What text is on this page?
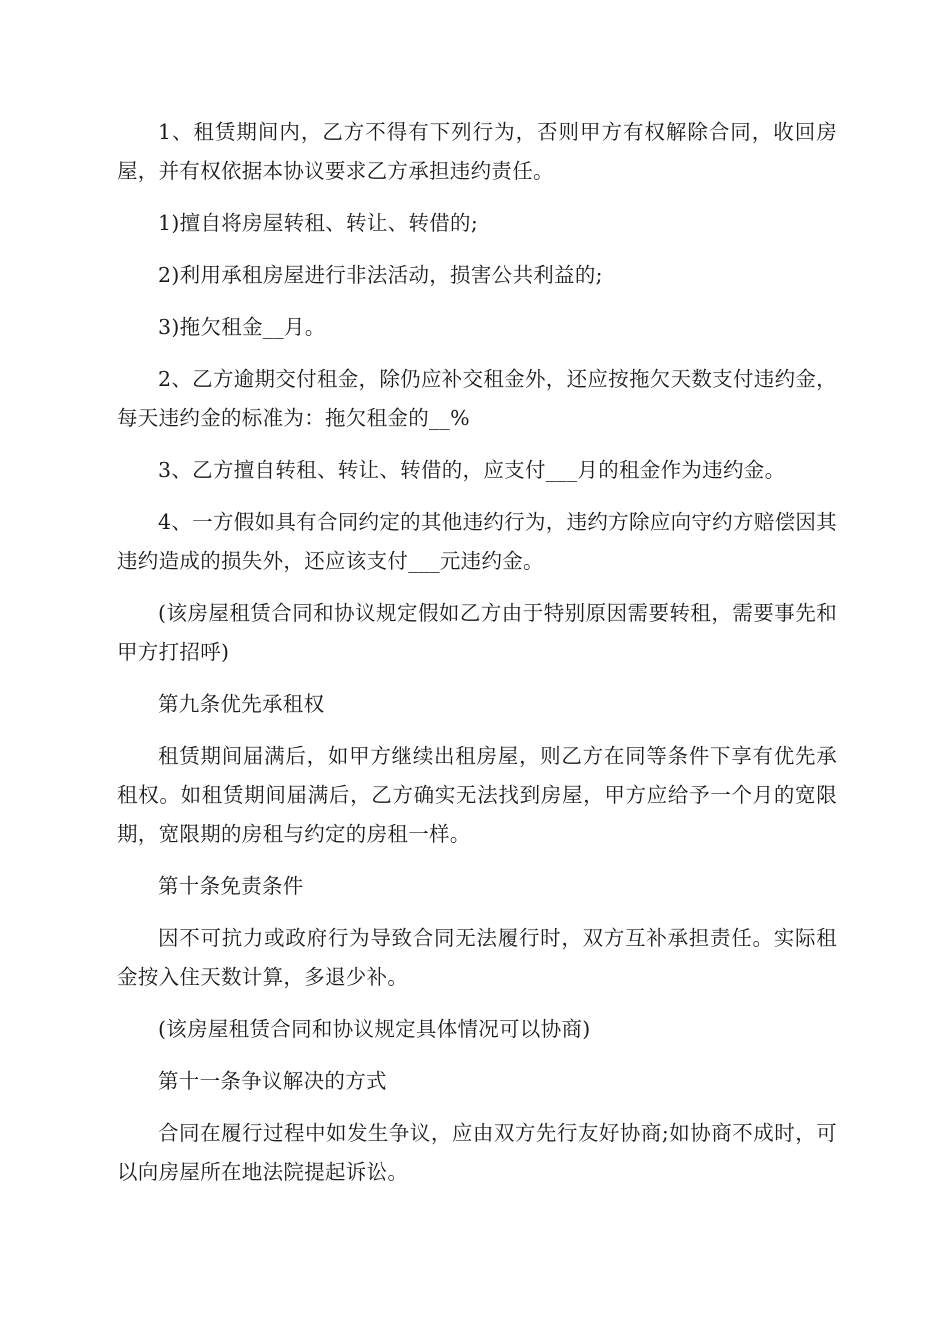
1、租赁期间内，乙方不得有下列行为，否则甲方有权解除合同，收回房屋，并有权依据本协议要求乙方承担违约责任。

1)擅自将房屋转租、转让、转借的;

2)利用承租房屋进行非法活动，损害公共利益的;

3)拖欠租金__月。

2、乙方逾期交付租金，除仍应补交租金外，还应按拖欠天数支付违约金，每天违约金的标准为：拖欠租金的__%

3、乙方擅自转租、转让、转借的，应支付___月的租金作为违约金。

4、一方假如具有合同约定的其他违约行为，违约方除应向守约方赔偿因其违约造成的损失外，还应该支付___元违约金。

(该房屋租赁合同和协议规定假如乙方由于特别原因需要转租，需要事先和甲方打招呼)

第九条优先承租权

租赁期间届满后，如甲方继续出租房屋，则乙方在同等条件下享有优先承租权。如租赁期间届满后，乙方确实无法找到房屋，甲方应给予一个月的宽限期，宽限期的房租与约定的房租一样。

第十条免责条件

因不可抗力或政府行为导致合同无法履行时，双方互补承担责任。实际租金按入住天数计算，多退少补。

(该房屋租赁合同和协议规定具体情况可以协商)

第十一条争议解决的方式

合同在履行过程中如发生争议，应由双方先行友好协商;如协商不成时，可以向房屋所在地法院提起诉讼。
